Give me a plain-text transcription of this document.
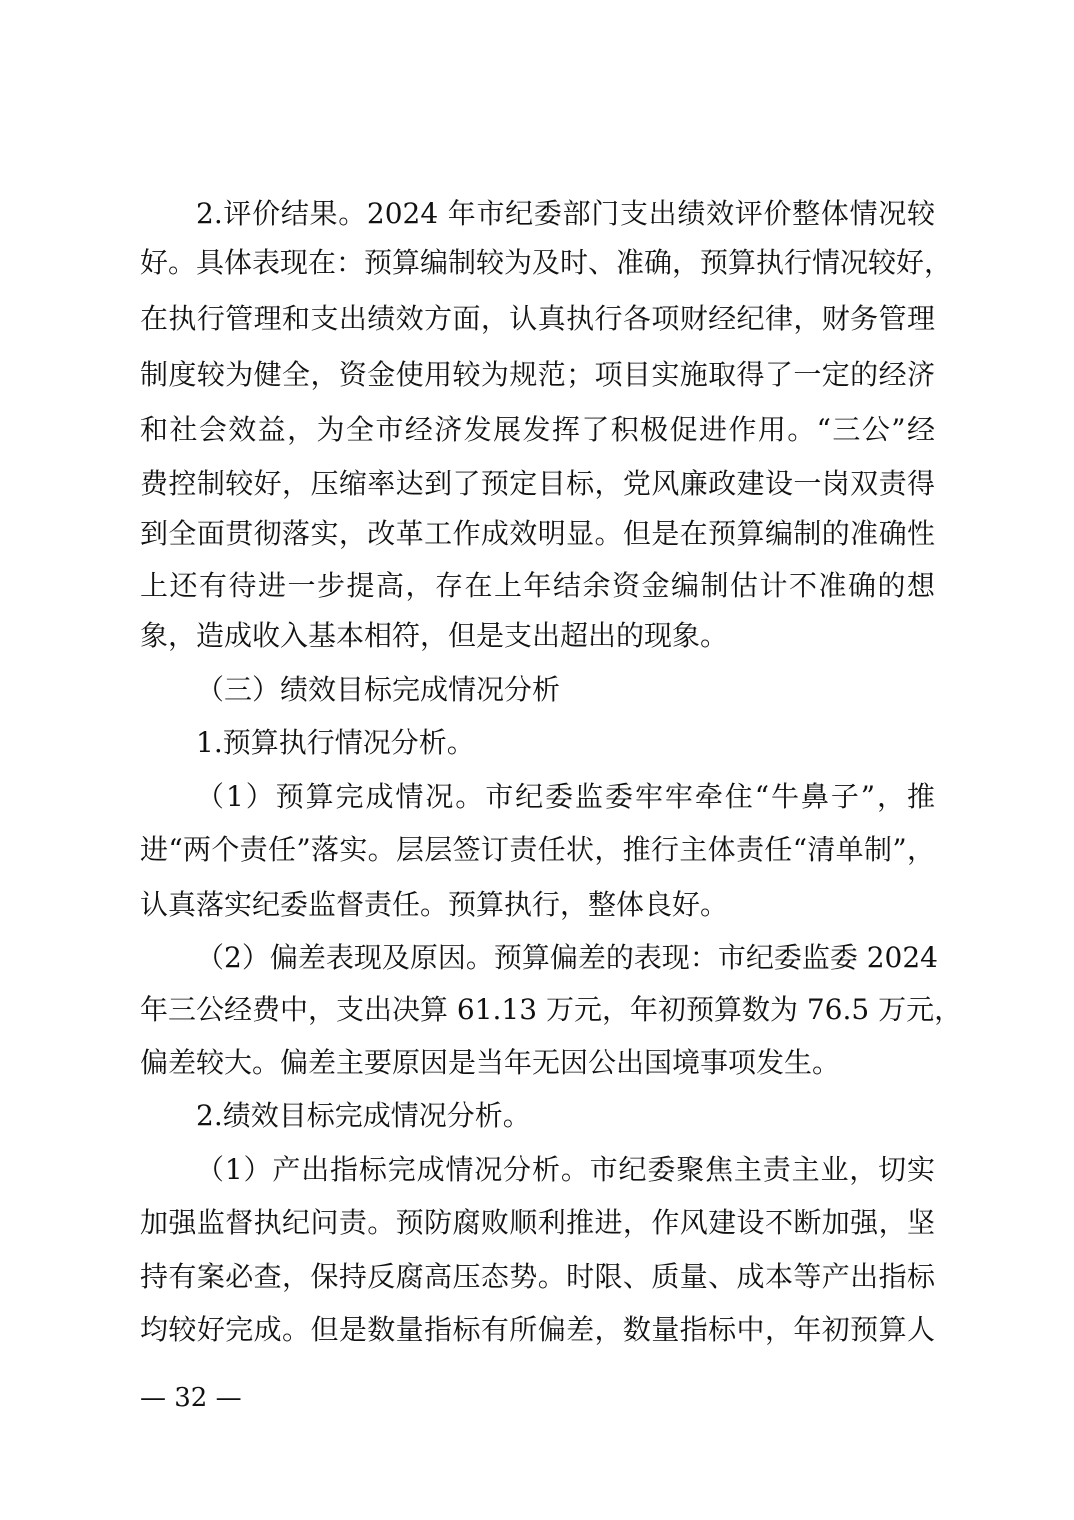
2.评价结果。2024 年市纪委部门支出绩效评价整体情况较
好。具体表现在：预算编制较为及时、准确，预算执行情况较好，
在执行管理和支出绩效方面，认真执行各项财经纪律，财务管理
制度较为健全，资金使用较为规范；项目实施取得了一定的经济
和社会效益，为全市经济发展发挥了积极促进作用。“三公”经
费控制较好，压缩率达到了预定目标，党风廉政建设一岗双责得
到全面贯彻落实，改革工作成效明显。但是在预算编制的准确性
上还有待进一步提高，存在上年结余资金编制估计不准确的想
象，造成收入基本相符，但是支出超出的现象。
（三）绩效目标完成情况分析
1.预算执行情况分析。
（1）预算完成情况。市纪委监委牢牢牵住“牛鼻子”，推
进“两个责任”落实。层层签订责任状，推行主体责任“清单制”，
认真落实纪委监督责任。预算执行，整体良好。
（2）偏差表现及原因。预算偏差的表现：市纪委监委 2024
年三公经费中，支出决算 61.13 万元，年初预算数为 76.5 万元，
偏差较大。偏差主要原因是当年无因公出国境事项发生。
2.绩效目标完成情况分析。
（1）产出指标完成情况分析。市纪委聚焦主责主业，切实
加强监督执纪问责。预防腐败顺利推进，作风建设不断加强，坚
持有案必查，保持反腐高压态势。时限、质量、成本等产出指标
均较好完成。但是数量指标有所偏差，数量指标中，年初预算人
— 32 —
